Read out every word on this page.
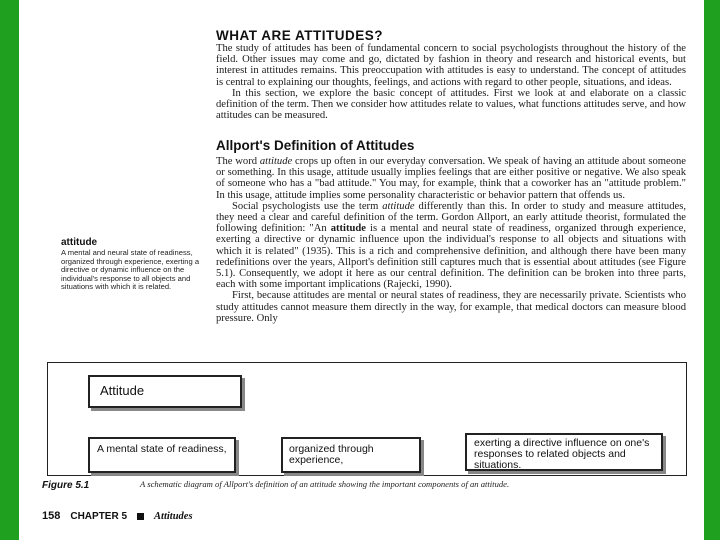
WHAT ARE ATTITUDES?

The study of attitudes has been of fundamental concern to social psychologists throughout the history of the field. Other issues may come and go, dictated by fashion in theory and research and historical events, but interest in attitudes remains. This preoccupation with attitudes is easy to understand. The concept of attitudes is central to explaining our thoughts, feelings, and actions with regard to other people, situations, and ideas.

In this section, we explore the basic concept of attitudes. First we look at and elaborate on a classic definition of the term. Then we consider how attitudes relate to values, what functions attitudes serve, and how attitudes can be measured.

Allport's Definition of Attitudes

The word attitude crops up often in our everyday conversation. We speak of having an attitude about someone or something. In this usage, attitude usually implies feelings that are either positive or negative. We also speak of someone who has a "bad attitude." You may, for example, think that a coworker has an "attitude problem." In this usage, attitude implies some personality characteristic or behavior pattern that offends us.

Social psychologists use the term attitude differently than this. In order to study and measure attitudes, they need a clear and careful definition of the term. Gordon Allport, an early attitude theorist, formulated the following definition: "An attitude is a mental and neural state of readiness, organized through experience, exerting a directive or dynamic influence upon the individual's response to all objects and situations with which it is related" (1935). This is a rich and comprehensive definition, and although there have been many redefinitions over the years, Allport's definition still captures much that is essential about attitudes (see Figure 5.1). Consequently, we adopt it here as our central definition. The definition can be broken into three parts, each with some important implications (Rajecki, 1990).

First, because attitudes are mental or neural states of readiness, they are necessarily private. Scientists who study attitudes cannot measure them directly in the way, for example, that medical doctors can measure blood pressure. Only

attitude
A mental and neural state of readiness, organized through experience, exerting a directive or dynamic influence on the individual's response to all objects and situations with which it is related.
Attitude
A mental state of readiness,	organized through experience,
exerting a directive influence on one's responses to related objects and situations.
Figure 5.1	A schematic diagram of Allport's definition of an attitude showing the important components of an attitude.
158 CHAPTER 5	Attitudes
